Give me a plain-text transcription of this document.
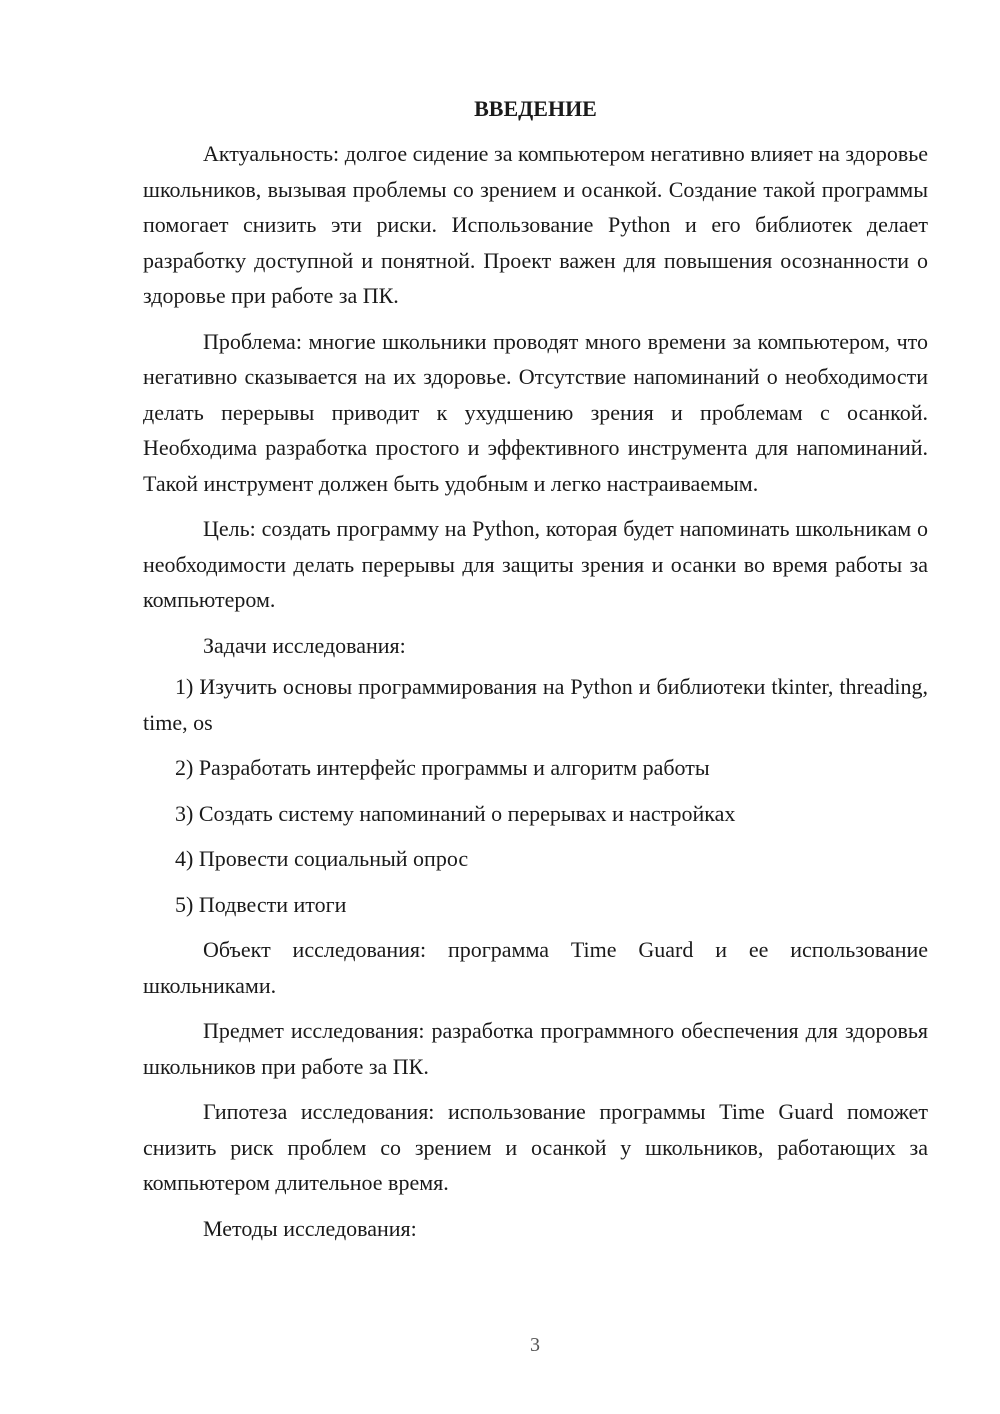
ВВЕДЕНИЕ

Актуальность: долгое сидение за компьютером негативно влияет на здоровье школьников, вызывая проблемы со зрением и осанкой. Создание такой программы помогает снизить эти риски. Использование Python и его библиотек делает разработку доступной и понятной. Проект важен для повышения осознанности о здоровье при работе за ПК.

Проблема: многие школьники проводят много времени за компьютером, что негативно сказывается на их здоровье. Отсутствие напоминаний о необходимости делать перерывы приводит к ухудшению зрения и проблемам с осанкой. Необходима разработка простого и эффективного инструмента для напоминаний. Такой инструмент должен быть удобным и легко настраиваемым.

Цель: создать программу на Python, которая будет напоминать школьникам о необходимости делать перерывы для защиты зрения и осанки во время работы за компьютером.

Задачи исследования:

1) Изучить основы программирования на Python и библиотеки tkinter, threading, time, os

2) Разработать интерфейс программы и алгоритм работы

3) Создать систему напоминаний о перерывах и настройках

4) Провести социальный опрос

5) Подвести итоги

Объект исследования: программа Time Guard и ее использование школьниками.

Предмет исследования: разработка программного обеспечения для здоровья школьников при работе за ПК.

Гипотеза исследования: использование программы Time Guard поможет снизить риск проблем со зрением и осанкой у школьников, работающих за компьютером длительное время.

Методы исследования:

3
